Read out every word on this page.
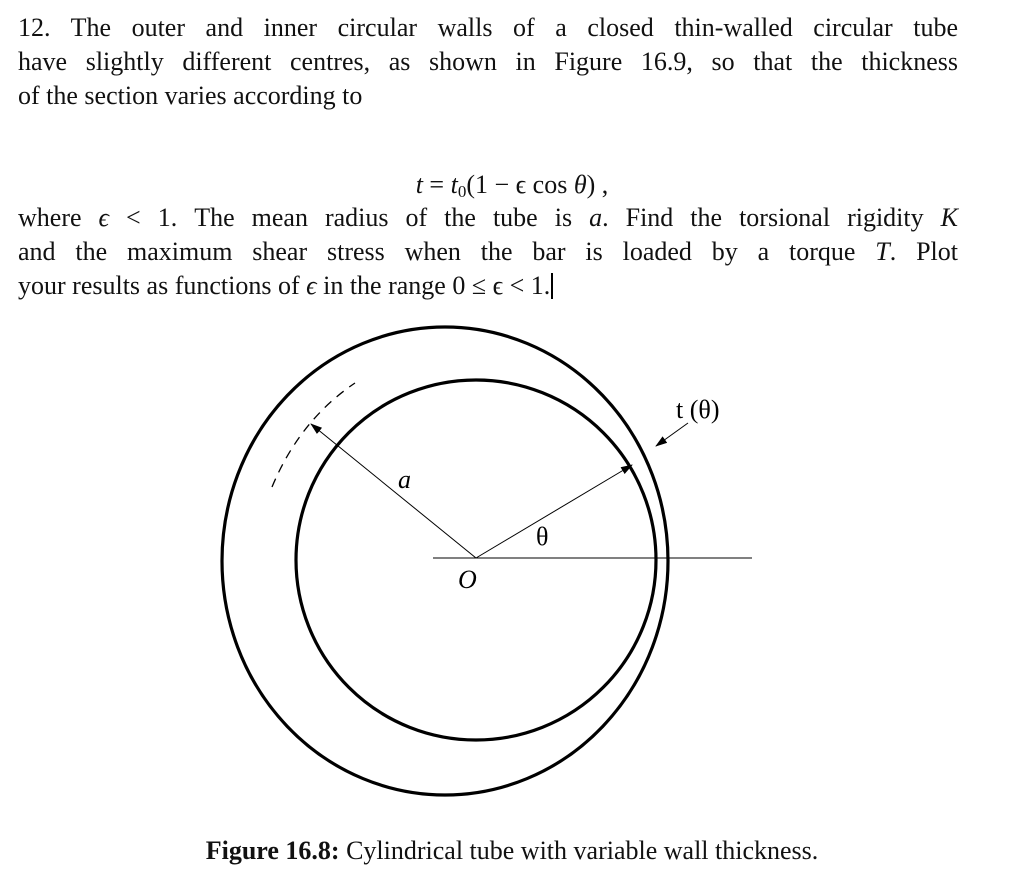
12. The outer and inner circular walls of a closed thin-walled circular tube
have slightly different centres, as shown in Figure 16.9, so that the thickness
of the section varies according to
$t = t_0(1 - \epsilon$ cos θ) ,
where ϵ < 1. The mean radius of the tube is a. Find the torsional rigidity K
and the maximum shear stress when the bar is loaded by a torque T. Plot
your results as functions of ϵ in the range 0 ≤ ϵ < 1.
a
θ
O
t (θ)
Figure 16.8: Cylindrical tube with variable wall thickness.
